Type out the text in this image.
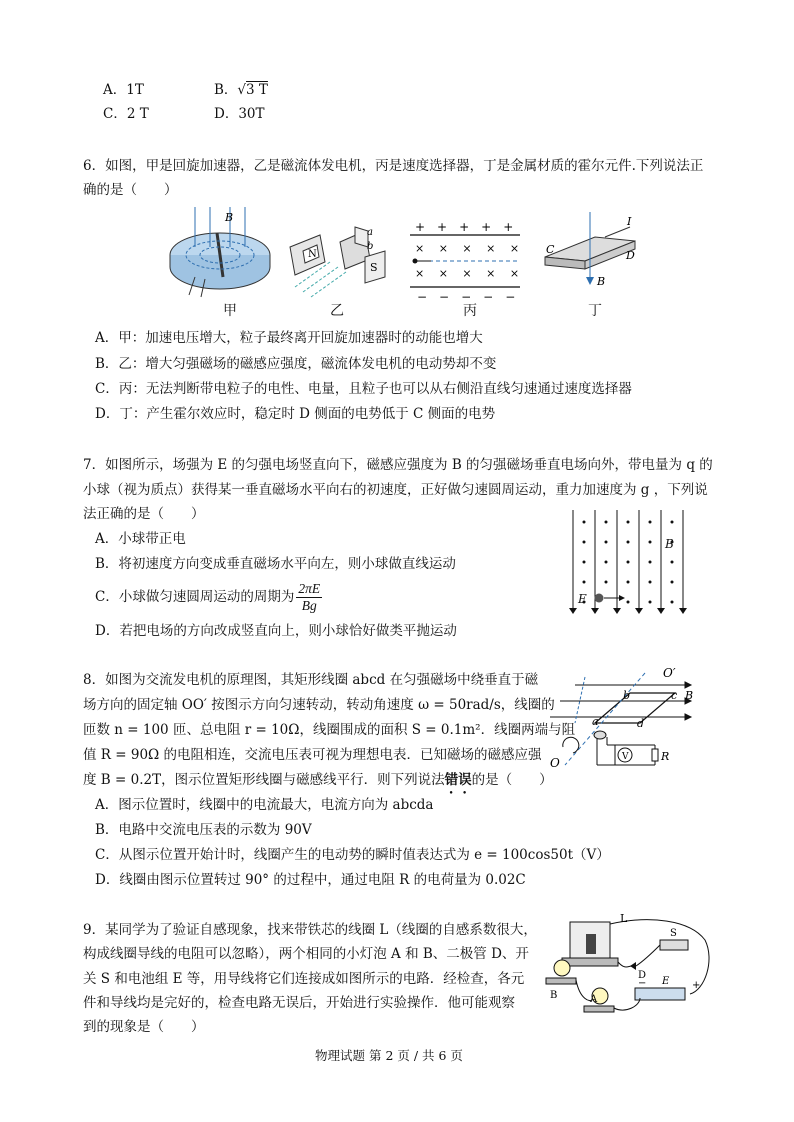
A．1T	B．√3 T
C．2 T	D．30T
6．如图，甲是回旋加速器，乙是磁流体发电机，丙是速度选择器，丁是金属材质的霍尔元件.下列说法正
确的是（　　）
B
N
S
a
b
+　+　+　+　+
×　 ×　 ×　 ×　 ×
×　 ×　 ×　 ×　 ×
−　−　−　−　−
I
C	D
B
甲	乙	丙	丁
A．甲：加速电压增大，粒子最终离开回旋加速器时的动能也增大
B．乙：增大匀强磁场的磁感应强度，磁流体发电机的电动势却不变
C．丙：无法判断带电粒子的电性、电量，且粒子也可以从右侧沿直线匀速通过速度选择器
D．丁：产生霍尔效应时，稳定时 D 侧面的电势低于 C 侧面的电势
7．如图所示，场强为 E 的匀强电场竖直向下，磁感应强度为 B 的匀强磁场垂直电场向外，带电量为 q 的
小球（视为质点）获得某一垂直磁场水平向右的初速度，正好做匀速圆周运动，重力加速度为 g ，下列说
法正确的是（　　）
A．小球带正电
B．将初速度方向变成垂直磁场水平向左，则小球做直线运动
C．小球做匀速圆周运动的周期为 $\frac{2\pi E}{Bg}$
D．若把电场的方向改成竖直向上，则小球恰好做类平抛运动
B
E
8．如图为交流发电机的原理图，其矩形线圈 abcd 在匀强磁场中绕垂直于磁
场方向的固定轴 OO′ 按图示方向匀速转动，转动角速度 ω = 50rad/s，线圈的
匝数 n = 100 匝、总电阻 r = 10Ω，线圈围成的面积 S = 0.1m²．线圈两端与阻
值 R = 90Ω 的电阻相连，交流电压表可视为理想电表．已知磁场的磁感应强
度 B = 0.2T，图示位置矩形线圈与磁感线平行．则下列说法错误的是（　　）
A．图示位置时，线圈中的电流最大，电流方向为 abcda
B．电路中交流电压表的示数为 90V
C．从图示位置开始计时，线圈产生的电动势的瞬时值表达式为 e = 100cos50t（V）
D．线圈由图示位置转过 90° 的过程中，通过电阻 R 的电荷量为 0.02C
O′
b	c B
a	d
O	V	R
9．某同学为了验证自感现象，找来带铁芯的线圈 L（线圈的自感系数很大，
构成线圈导线的电阻可以忽略），两个相同的小灯泡 A 和 B、二极管 D、开
关 S 和电池组 E 等，用导线将它们连接成如图所示的电路．经检查，各元
件和导线均是完好的，检查电路无误后，开始进行实验操作．他可能观察
到的现象是（　　）
L
S
B	A
D
E
−	+
物理试题 第 2 页 / 共 6 页
